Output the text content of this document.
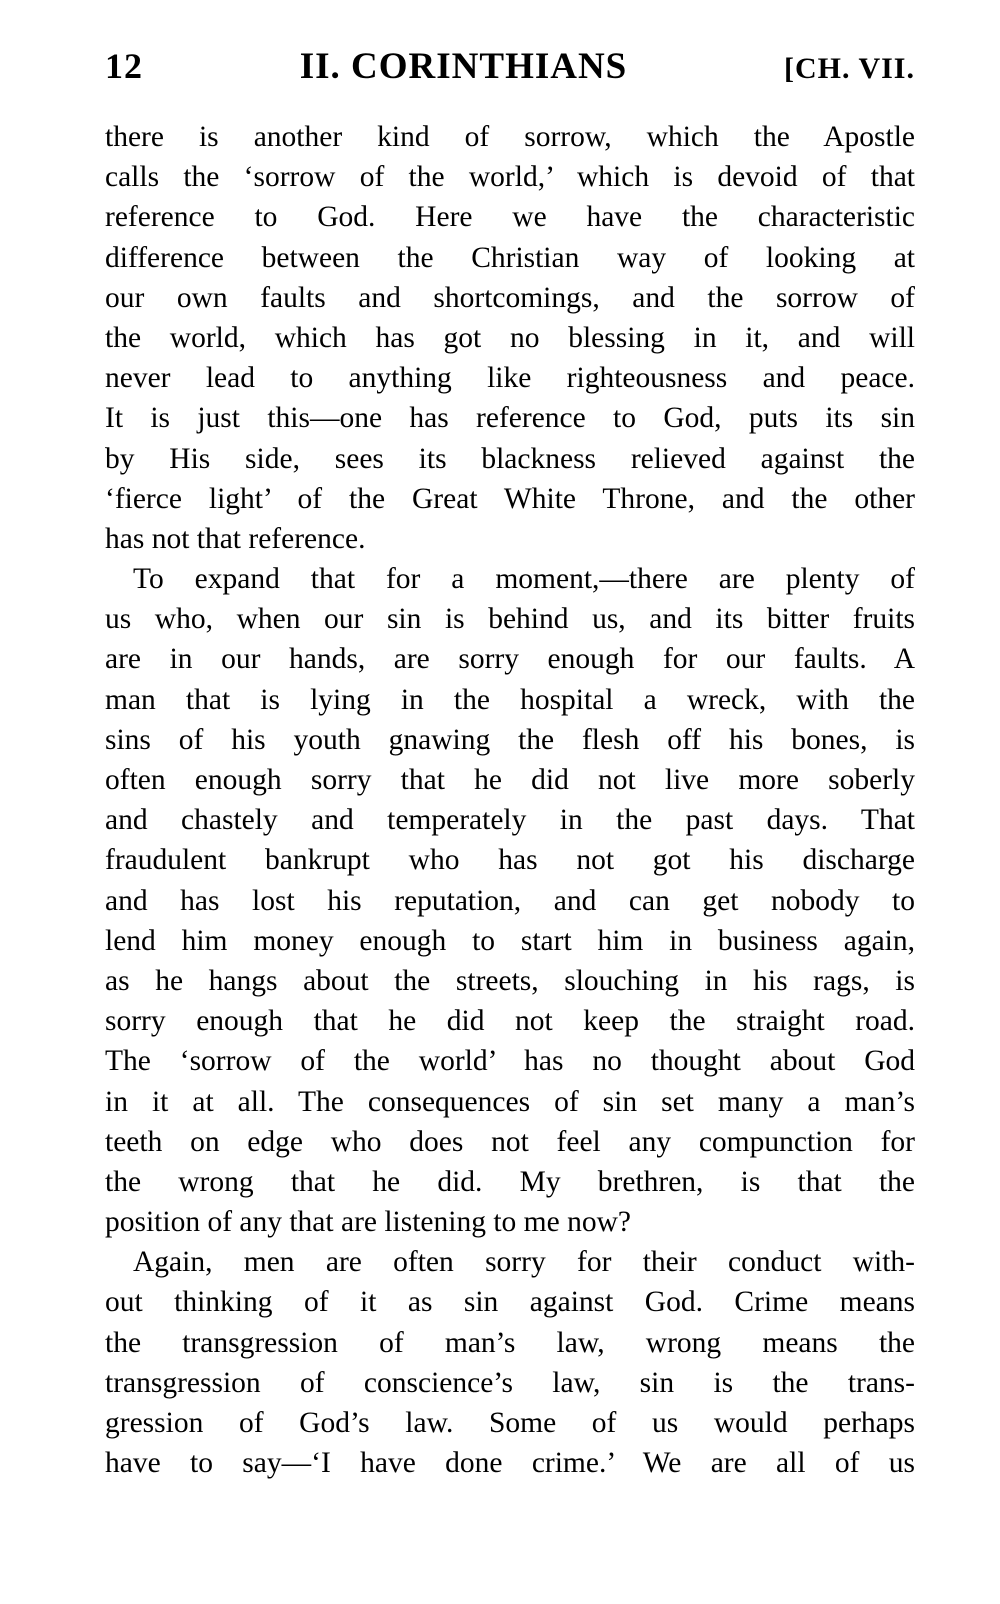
12	II. CORINTHIANS	[CH. VII.
there is another kind of sorrow, which the Apostle
calls the ‘sorrow of the world,’ which is devoid of that
reference to God. Here we have the characteristic
difference between the Christian way of looking at
our own faults and shortcomings, and the sorrow of
the world, which has got no blessing in it, and will
never lead to anything like righteousness and peace.
It is just this—one has reference to God, puts its sin
by His side, sees its blackness relieved against the
‘fierce light’ of the Great White Throne, and the other
has not that reference.
To expand that for a moment,—there are plenty of
us who, when our sin is behind us, and its bitter fruits
are in our hands, are sorry enough for our faults. A
man that is lying in the hospital a wreck, with the
sins of his youth gnawing the flesh off his bones, is
often enough sorry that he did not live more soberly
and chastely and temperately in the past days. That
fraudulent bankrupt who has not got his discharge
and has lost his reputation, and can get nobody to
lend him money enough to start him in business again,
as he hangs about the streets, slouching in his rags, is
sorry enough that he did not keep the straight road.
The ‘sorrow of the world’ has no thought about God
in it at all. The consequences of sin set many a man’s
teeth on edge who does not feel any compunction for
the wrong that he did. My brethren, is that the
position of any that are listening to me now?
Again, men are often sorry for their conduct with-
out thinking of it as sin against God. Crime means
the transgression of man’s law, wrong means the
transgression of conscience’s law, sin is the trans-
gression of God’s law. Some of us would perhaps
have to say—‘I have done crime.’ We are all of us
